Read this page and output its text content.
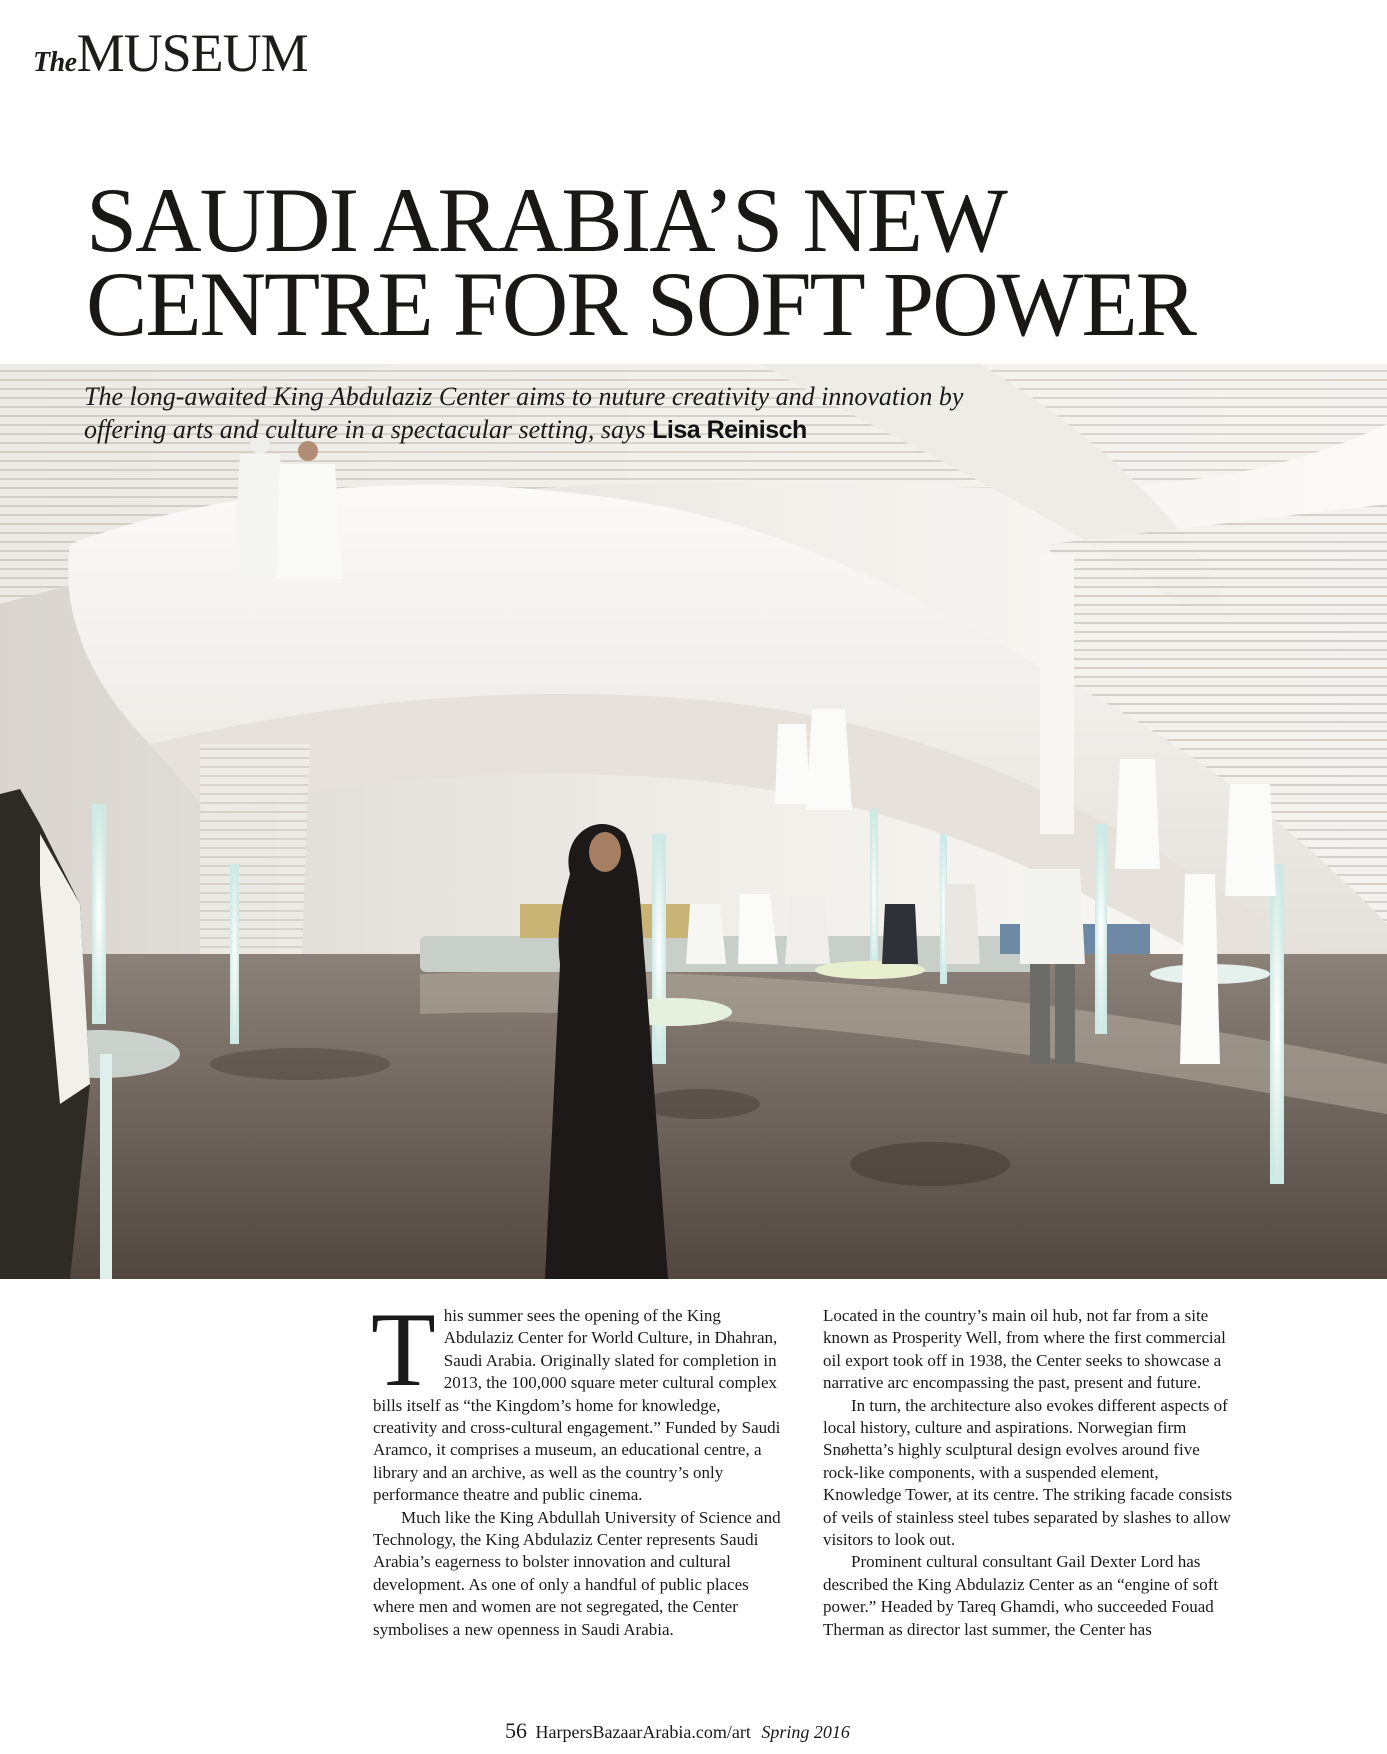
TheMUSEUM
SAUDI ARABIA’S NEW
CENTRE FOR SOFT POWER

The long-awaited King Abdulaziz Center aims to nuture creativity and innovation by
offering arts and culture in a spectacular setting, says Lisa Reinisch

This summer sees the opening of the King Abdulaziz Center for World Culture, in Dhahran, Saudi Arabia. Originally slated for completion in 2013, the 100,000 square meter cultural complex bills itself as “the Kingdom’s home for knowledge, creativity and cross-cultural engagement.” Funded by Saudi Aramco, it comprises a museum, an educational centre, a library and an archive, as well as the country’s only performance theatre and public cinema.

Much like the King Abdullah University of Science and Technology, the King Abdulaziz Center represents Saudi Arabia’s eagerness to bolster innovation and cultural development. As one of only a handful of public places where men and women are not segregated, the Center symbolises a new openness in Saudi Arabia.

Located in the country’s main oil hub, not far from a site known as Prosperity Well, from where the first commercial oil export took off in 1938, the Center seeks to showcase a narrative arc encompassing the past, present and future.

In turn, the architecture also evokes different aspects of local history, culture and aspirations. Norwegian firm Snøhetta’s highly sculptural design evolves around five rock-like components, with a suspended element, Knowledge Tower, at its centre. The striking facade consists of veils of stainless steel tubes separated by slashes to allow visitors to look out.

Prominent cultural consultant Gail Dexter Lord has described the King Abdulaziz Center as an “engine of soft power.” Headed by Tareq Ghamdi, who succeeded Fouad Therman as director last summer, the Center has

56 HarpersBazaarArabia.com/art Spring 2016
